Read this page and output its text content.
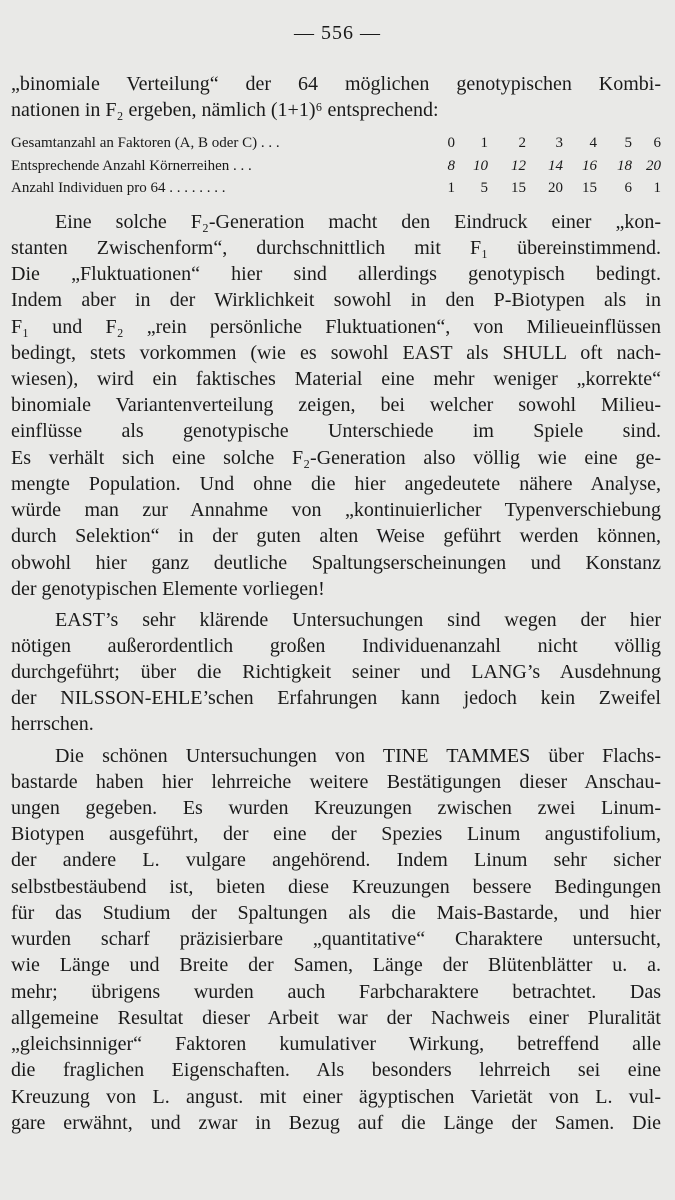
— 556 —
„binomiale Verteilung“ der 64 möglichen genotypischen Kombi-
nationen in F₂ ergeben, nämlich (1+1)⁶ entsprechend:
Gesamtanzahl an Faktoren (A, B oder C) . . .	0	1	2	3	4	5	6
Entsprechende Anzahl Körnerreihen . . .	8	10	12	14	16	18 20
Anzahl Individuen pro 64 . . . . . . . .	1	5	15	20	15	6	1
Eine solche F₂-Generation macht den Eindruck einer „kon-
stanten Zwischenform“, durchschnittlich mit F₁ übereinstimmend.
Die „Fluktuationen“ hier sind allerdings genotypisch bedingt.
Indem aber in der Wirklichkeit sowohl in den P-Biotypen als in
F₁ und F₂ „rein persönliche Fluktuationen“, von Milieueinflüssen
bedingt, stets vorkommen (wie es sowohl EAST als SHULL oft nach-
wiesen), wird ein faktisches Material eine mehr weniger „korrekte“
binomiale Variantenverteilung zeigen, bei welcher sowohl Milieu-
einflüsse als genotypische Unterschiede im Spiele sind.
Es verhält sich eine solche F₂-Generation also völlig wie eine ge-
mengte Population. Und ohne die hier angedeutete nähere Analyse,
würde man zur Annahme von „kontinuierlicher Typenverschiebung
durch Selektion“ in der guten alten Weise geführt werden können,
obwohl hier ganz deutliche Spaltungserscheinungen und Konstanz
der genotypischen Elemente vorliegen!
EAST’s sehr klärende Untersuchungen sind wegen der hier
nötigen außerordentlich großen Individuenanzahl nicht völlig
durchgeführt; über die Richtigkeit seiner und LANG’s Ausdehnung
der NILSSON-EHLE’schen Erfahrungen kann jedoch kein Zweifel
herrschen.
Die schönen Untersuchungen von TINE TAMMES über Flachs-
bastarde haben hier lehrreiche weitere Bestätigungen dieser Anschau-
ungen gegeben. Es wurden Kreuzungen zwischen zwei Linum-
Biotypen ausgeführt, der eine der Spezies Linum angustifolium,
der andere L. vulgare angehörend. Indem Linum sehr sicher
selbstbestäubend ist, bieten diese Kreuzungen bessere Bedingungen
für das Studium der Spaltungen als die Mais-Bastarde, und hier
wurden scharf präzisierbare „quantitative“ Charaktere untersucht,
wie Länge und Breite der Samen, Länge der Blütenblätter u. a.
mehr; übrigens wurden auch Farbcharaktere betrachtet. Das
allgemeine Resultat dieser Arbeit war der Nachweis einer Pluralität
„gleichsinniger“ Faktoren kumulativer Wirkung, betreffend alle
die fraglichen Eigenschaften. Als besonders lehrreich sei eine
Kreuzung von L. angust. mit einer ägyptischen Varietät von L. vul-
gare erwähnt, und zwar in Bezug auf die Länge der Samen. Die
